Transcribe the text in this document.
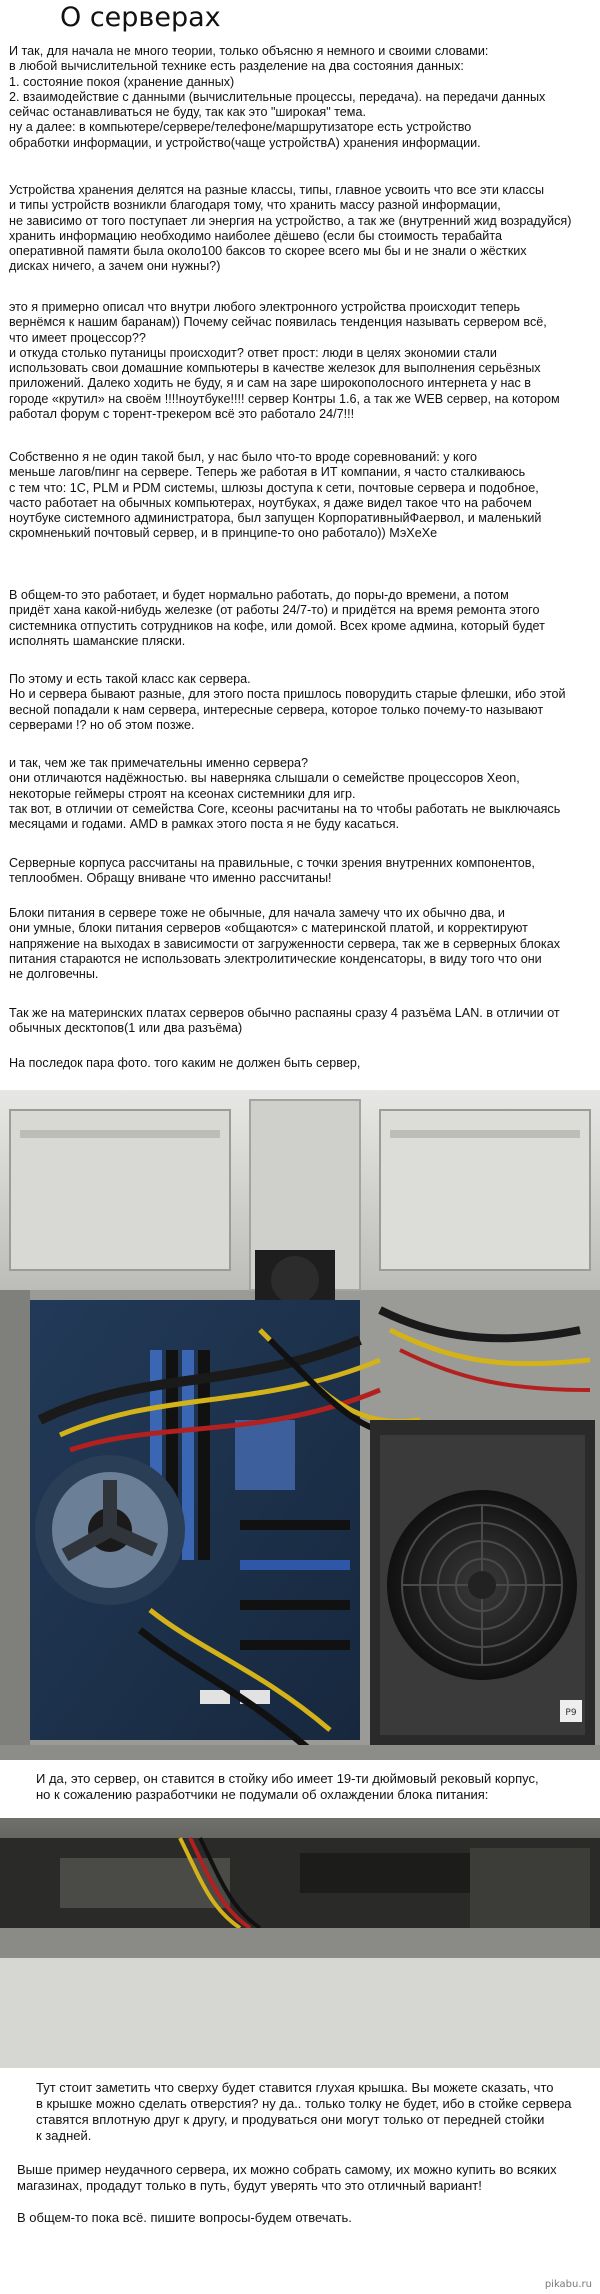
О серверах
И так, для начала не много теории, только объясню я немного и своими словами:
в любой вычислительной технике есть разделение на два состояния данных:
1. состояние покоя (хранение данных)
2. взаимодействие с данными (вычислительные процессы, передача). на передачи данных
сейчас останавливаться не буду, так как это "широкая" тема.
ну а далее: в компьютере/сервере/телефоне/маршрутизаторе есть устройство
обработки информации, и устройство(чаще устройствА) хранения информации.
Устройства хранения делятся на разные классы, типы, главное усвоить что все эти классы
и типы устройств возникли благодаря тому, что хранить массу разной информации,
не зависимо от того поступает ли энергия на устройство, а так же (внутренний жид возрадуйся)
хранить информацию необходимо наиболее дёшево (если бы стоимость терабайта
оперативной памяти была около100 баксов то скорее всего мы бы и не знали о жёстких
дисках ничего, а зачем они нужны?)
это я примерно описал что внутри любого электронного устройства происходит теперь
вернёмся к нашим баранам)) Почему сейчас появилась тенденция называть сервером всё,
что имеет процессор??
и откуда столько путаницы происходит? ответ прост: люди в целях экономии стали
использовать свои домашние компьютеры в качестве железок для выполнения серьёзных
приложений. Далеко ходить не буду, я и сам на заре широкополосного интернета у нас в
городе «крутил» на своём !!!!ноутбуке!!!! сервер Контры 1.6, а так же WEB сервер, на котором
работал форум с торент-трекером всё это работало 24/7!!!
Собственно я не один такой был, у нас было что-то вроде соревнований: у кого
меньше лагов/пинг на сервере. Теперь же работая в ИТ компании, я часто сталкиваюсь
с тем что: 1С, PLM и PDM системы, шлюзы доступа к сети, почтовые сервера и подобное,
часто работает на обычных компьютерах, ноутбуках, я даже видел такое что на рабочем
ноутбуке системного администратора, был запущен КорпоративныйФаервол, и маленький
скромненький почтовый сервер, и в принципе-то оно работало)) МэХеХе
В общем-то это работает, и будет нормально работать, до поры-до времени, а потом
придёт хана какой-нибудь железке (от работы 24/7-то) и придётся на время ремонта этого
системника отпустить сотрудников на кофе, или домой. Всех кроме админа, который будет
исполнять шаманские пляски.
По этому и есть такой класс как сервера.
Но и сервера бывают разные, для этого поста пришлось поворудить старые флешки, ибо этой
весной попадали к нам сервера, интересные сервера, которое только почему-то называют
серверами !? но об этом позже.
и так, чем же так примечательны именно сервера?
они отличаются надёжностью. вы наверняка слышали о семействе процессоров Xeon,
некоторые геймеры строят на ксеонах системники для игр.
так вот, в отличии от семейства Core, ксеоны расчитаны на то чтобы работать не выключаясь
месяцами и годами. AMD в рамках этого поста я не буду касаться.
Серверные корпуса рассчитаны на правильные, с точки зрения внутренних компонентов,
теплообмен. Обращу вниване что именно рассчитаны!
Блоки питания в сервере тоже не обычные, для начала замечу что их обычно два, и
они умные, блоки питания серверов «общаются» с материнской платой, и корректируют
напряжение на выходах в зависимости от загруженности сервера, так же в серверных блоках
питания стараются не использовать электролитические конденсаторы, в виду того что они
не долговечны.
Так же на материнских платах серверов обычно распаяны сразу 4 разъёма LAN. в отличии от
обычных десктопов(1 или два разъёма)
На последок пара фото. того каким не должен быть сервер,
P9
И да, это сервер, он ставится в стойку ибо имеет 19-ти дюймовый рековый корпус,
но к сожалению разработчики не подумали об охлаждении блока питания:
Тут стоит заметить что сверху будет ставится глухая крышка. Вы можете сказать, что
в крышке можно сделать отверстия? ну да.. только толку не будет, ибо в стойке сервера
ставятся вплотную друг к другу, и продуваться они могут только от передней стойки
к задней.
Выше пример неудачного сервера, их можно собрать самому, их можно купить во всяких
магазинах, продадут только в путь, будут уверять что это отличный вариант!
В общем-то пока всё. пишите вопросы-будем отвечать.
pikabu.ru
